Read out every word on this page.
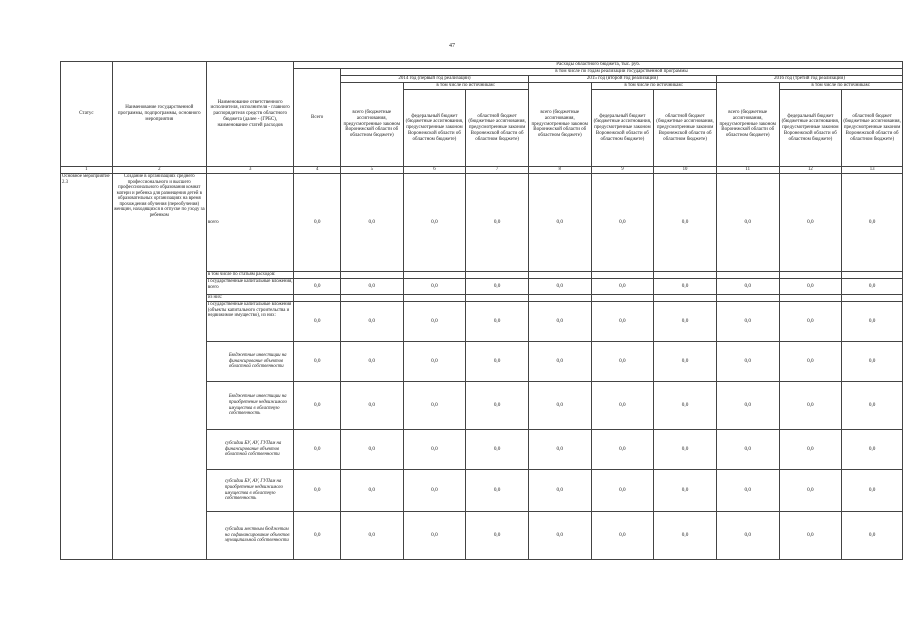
47
Статус	Наименование государственной программы, подпрограммы, основного мероприятия	Наименование ответственного исполнителя, исполнителя - главного распорядителя средств областного бюджета (далее - (ГРБС), наименование статей расходов	Расходы областного бюджета, тыс. руб.									
			Всего	в том числе по годам реализации государственной программы								
				2014 год (первый год реализации)			2015 год (второй год реализации)			2016 год (третий год реализации)		
				всего (бюджетные ассигнования, предусмотренные законом Воронежской области об областном бюджете)	в том числе по источникам:		всего (бюджетные ассигнования, предусмотренные законом Воронежской области об областном бюджете)	в том числе по источникам:		всего (бюджетные ассигнования, предусмотренные законом Воронежской области об областном бюджете)	в том числе по источникам:	
					федеральный бюджет (бюджетные ассигнования, предусмотренные законом Воронежской области об областном бюджете)	областной бюджет (бюджетные ассигнования, предусмотренные законом Воронежской области об областном бюджете)		федеральный бюджет (бюджетные ассигнования, предусмотренные законом Воронежской области об областном бюджете)	областной бюджет (бюджетные ассигнования, предусмотренные законом Воронежской области об областном бюджете)		федеральный бюджет (бюджетные ассигнования, предусмотренные законом Воронежской области об областном бюджете)	областной бюджет (бюджетные ассигнования, предусмотренные законом Воронежской области об областном бюджете)
1	2	3	4	5	6	7	8	9	10	11	12	13
Основное мероприятие 2.3	Создание в организациях среднего профессионального и высшего профессионального образования комнат матери и ребенка для размещения детей в образовательных организациях на время прохождения обучения (переобучения) женщин, находящихся в отпуске по уходу за ребенком	всего	0,0	0,0	0,0	0,0	0,0	0,0	0,0	0,0	0,0	0,0
		в том числе по статьям расходов:										
		Государственные капитальные вложения, всего	0,0	0,0	0,0	0,0	0,0	0,0	0,0	0,0	0,0	0,0
		из них:										
		Государственные капитальные вложения (объекты капитального строительства и недвижимое имущество), из них:	0,0	0,0	0,0	0,0	0,0	0,0	0,0	0,0	0,0	0,0
		Бюджетные инвестиции на финансирование объектов областной собственности	0,0	0,0	0,0	0,0	0,0	0,0	0,0	0,0	0,0	0,0
		Бюджетные инвестиции на приобретение недвижимого имущества в областную собственность	0,0	0,0	0,0	0,0	0,0	0,0	0,0	0,0	0,0	0,0
		субсидии БУ, АУ, ГУПам на финансирование объектов областной собственности	0,0	0,0	0,0	0,0	0,0	0,0	0,0	0,0	0,0	0,0
		субсидии БУ, АУ, ГУПам на приобретение недвижимого имущества в областную собственность	0,0	0,0	0,0	0,0	0,0	0,0	0,0	0,0	0,0	0,0
		субсидии местным бюджетам на софинансирование объектов муниципальной собственности	0,0	0,0	0,0	0,0	0,0	0,0	0,0	0,0	0,0	0,0
